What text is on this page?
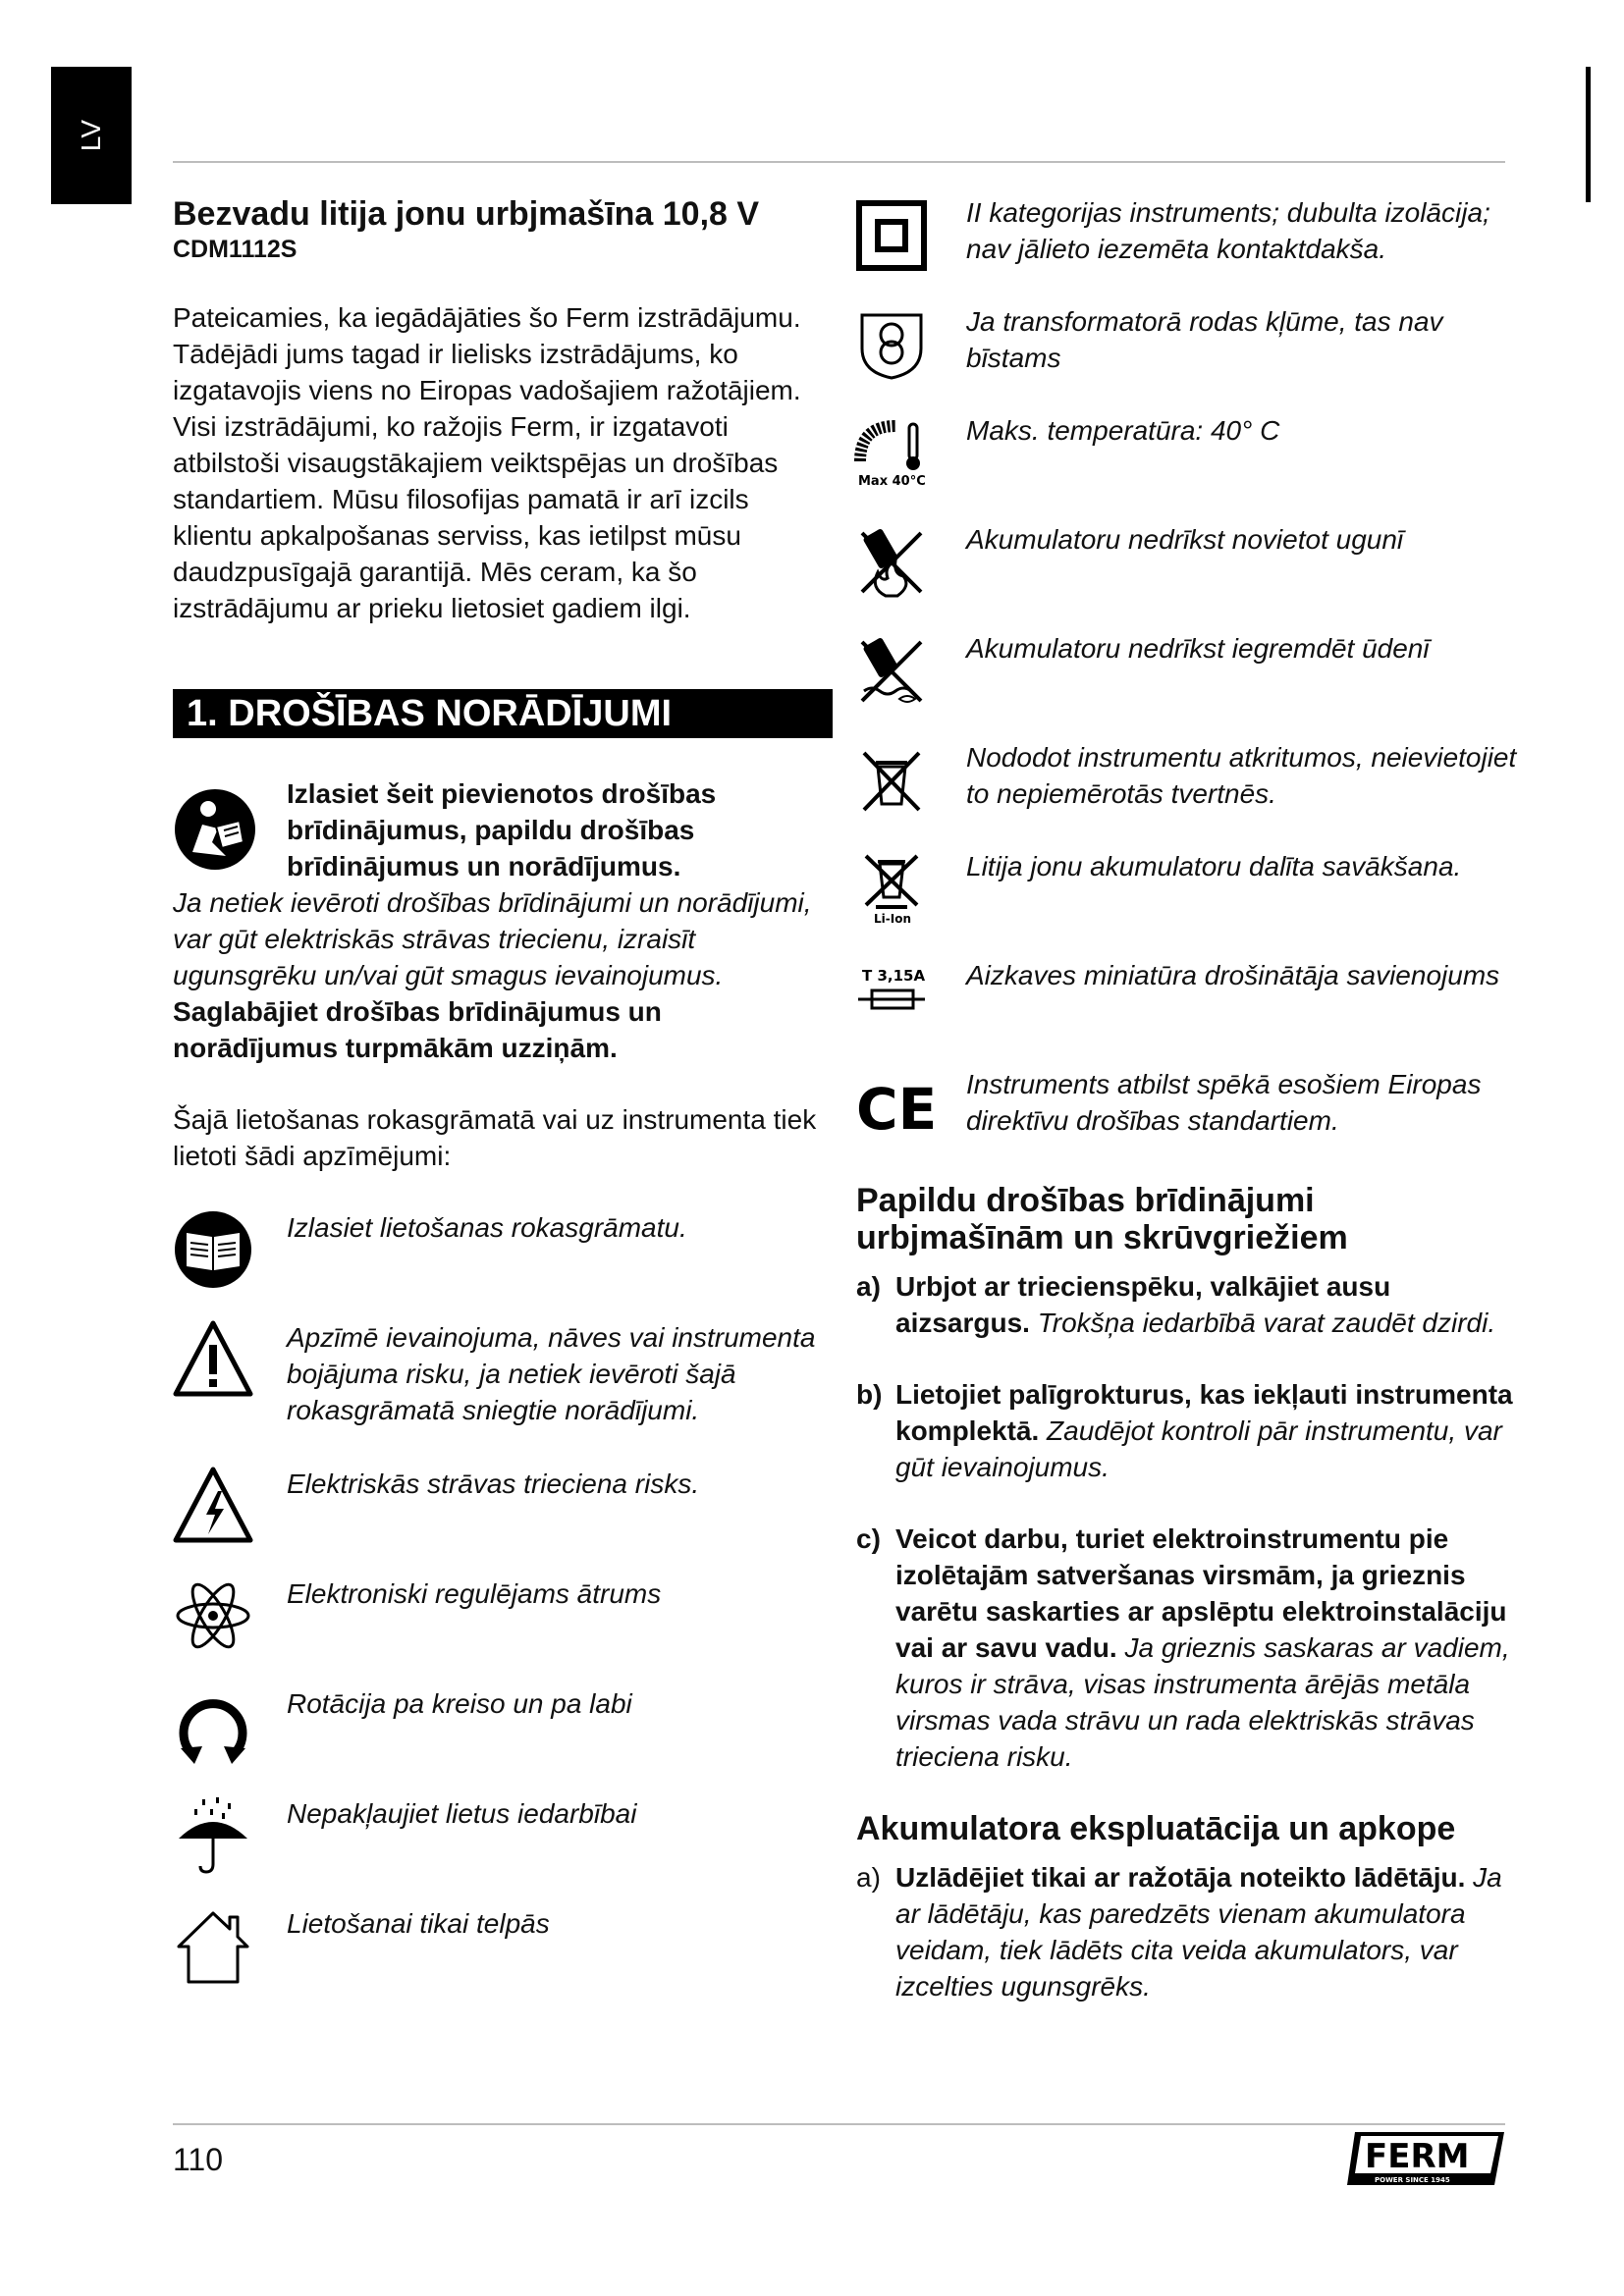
LV
Bezvadu litija jonu urbjmašīna 10,8 V
CDM1112S
Pateicamies, ka iegādājāties šo Ferm izstrādājumu. Tādējādi jums tagad ir lielisks izstrādājums, ko izgatavojis viens no Eiropas vadošajiem ražotājiem. Visi izstrādājumi, ko ražojis Ferm, ir izgatavoti atbilstoši visaugstākajiem veiktspējas un drošības standartiem. Mūsu filosofijas pamatā ir arī izcils klientu apkalpošanas serviss, kas ietilpst mūsu daudzpusīgajā garantijā. Mēs ceram, ka šo izstrādājumu ar prieku lietosiet gadiem ilgi.
1. DROŠĪBAS NORĀDĪJUMI
Izlasiet šeit pievienotos drošības brīdinājumus, papildu drošības brīdinājumus un norādījumus.
Ja netiek ievēroti drošības brīdinājumi un norādījumi, var gūt elektriskās strāvas triecienu, izraisīt ugunsgrēku un/vai gūt smagus ievainojumus. Saglabājiet drošības brīdinājumus un norādījumus turpmākām uzziņām.
Šajā lietošanas rokasgrāmatā vai uz instrumenta tiek lietoti šādi apzīmējumi:
Izlasiet lietošanas rokasgrāmatu.
Apzīmē ievainojuma, nāves vai instrumenta bojājuma risku, ja netiek ievēroti šajā rokasgrāmatā sniegtie norādījumi.
Elektriskās strāvas trieciena risks.
Elektroniski regulējams ātrums
Rotācija pa kreiso un pa labi
Nepakļaujiet lietus iedarbībai
Lietošanai tikai telpās
II kategorijas instruments; dubulta izolācija; nav jālieto iezemēta kontaktdakša.
Ja transformatorā rodas kļūme, tas nav bīstams
Max 40°C
Maks. temperatūra: 40° C
Akumulatoru nedrīkst novietot ugunī
Akumulatoru nedrīkst iegremdēt ūdenī
Nododot instrumentu atkritumos, neievietojiet to nepiemērotās tvertnēs.
Li-Ion
Litija jonu akumulatoru dalīta savākšana.
T 3,15A	Aizkaves miniatūra drošinātāja savienojums
CE	Instruments atbilst spēkā esošiem Eiropas direktīvu drošības standartiem.
Papildu drošības brīdinājumi urbjmašīnām un skrūvgriežiem
a) Urbjot ar triecienspēku, valkājiet ausu aizsargus. Trokšņa iedarbībā varat zaudēt dzirdi.
b) Lietojiet palīgrokturus, kas iekļauti instrumenta komplektā. Zaudējot kontroli pār instrumentu, var gūt ievainojumus.
c) Veicot darbu, turiet elektroinstrumentu pie izolētajām satveršanas virsmām, ja grieznis varētu saskarties ar apslēptu elektroinstalāciju vai ar savu vadu. Ja grieznis saskaras ar vadiem, kuros ir strāva, visas instrumenta ārējās metāla virsmas vada strāvu un rada elektriskās strāvas trieciena risku.
Akumulatora ekspluatācija un apkope
a) Uzlādējiet tikai ar ražotāja noteikto lādētāju. Ja ar lādētāju, kas paredzēts vienam akumulatora veidam, tiek lādēts cita veida akumulators, var izcelties ugunsgrēks.
110	FERM
POWER SINCE 1945
